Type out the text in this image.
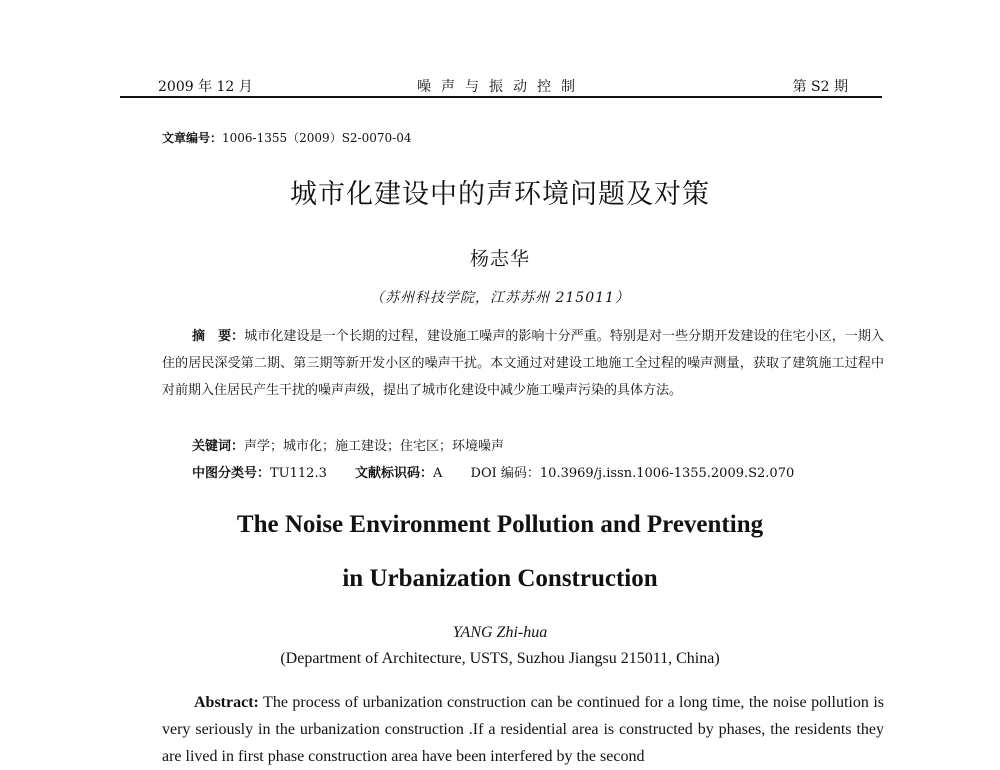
2009 年 12 月	噪声与振动控制	第 S2 期
文章编号：1006-1355（2009）S2-0070-04
城市化建设中的声环境问题及对策
杨志华
（苏州科技学院，江苏苏州 215011）
摘　要：城市化建设是一个长期的过程，建设施工噪声的影响十分严重。特别是对一些分期开发建设的住宅小区，一期入住的居民深受第二期、第三期等新开发小区的噪声干扰。本文通过对建设工地施工全过程的噪声测量，获取了建筑施工过程中对前期入住居民产生干扰的噪声声级，提出了城市化建设中减少施工噪声污染的具体方法。
关键词：声学；城市化；施工建设；住宅区；环境噪声
中图分类号：TU112.3 文献标识码：A DOI 编码：10.3969/j.issn.1006-1355.2009.S2.070
The Noise Environment Pollution and Preventing
in Urbanization Construction
YANG Zhi-hua
(Department of Architecture, USTS, Suzhou Jiangsu 215011, China)
Abstract: The process of urbanization construction can be continued for a long time, the noise pollution is very seriously in the urbanization construction .If a residential area is constructed by phases, the residents they are lived in first phase construction area have been interfered by the second
